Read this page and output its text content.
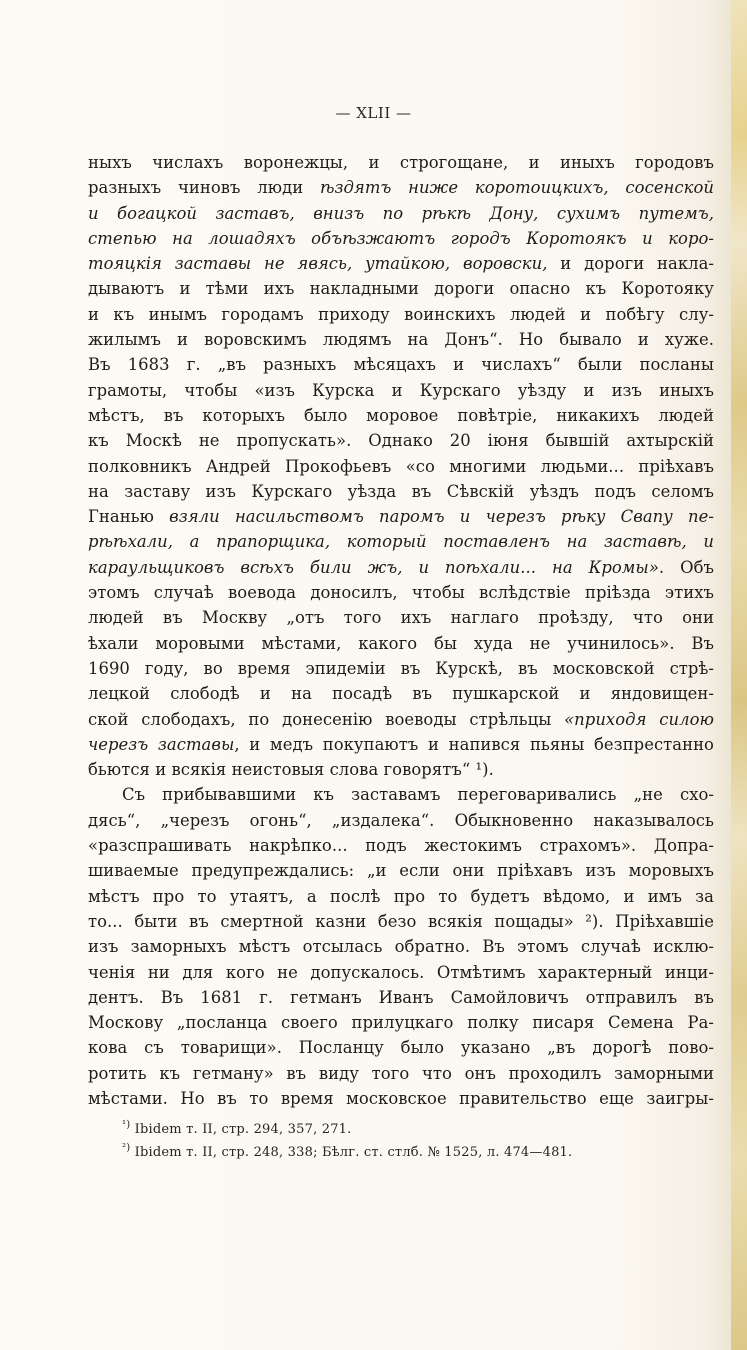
— XLII —
ныхъ числахъ воронежцы, и строгощане, и иныхъ городовъ
разныхъ чиновъ люди ѣздятъ ниже коротоицкихъ, сосенской
и богацкой заставъ, внизъ по рѣкѣ Дону, сухимъ путемъ,
степью на лошадяхъ объѣзжаютъ городъ Коротоякъ и коро-
тояцкія заставы не явясь, утайкою, воровски, и дороги накла-
дываютъ и тѣми ихъ накладными дороги опасно къ Коротояку
и къ инымъ городамъ приходу воинскихъ людей и побѣгу слу-
жилымъ и воровскимъ людямъ на Донъ“. Но бывало и хуже.
Въ 1683 г. „въ разныхъ мѣсяцахъ и числахъ“ были посланы
грамоты, чтобы «изъ Курска и Курскаго уѣзду и изъ иныхъ
мѣстъ, въ которыхъ было моровое повѣтріе, никакихъ людей
къ Москѣ не пропускать». Однако 20 іюня бывшій ахтырскій
полковникъ Андрей Прокофьевъ «со многими людьми... пріѣхавъ
на заставу изъ Курскаго уѣзда въ Сѣвскій уѣздъ подъ селомъ
Гнанью взяли насильствомъ паромъ и черезъ рѣку Свапу пе-
рѣѣхали, а прапорщика, который поставленъ на заставѣ, и
караульщиковъ всѣхъ били жъ, и поѣхали... на Кромы». Объ
этомъ случаѣ воевода доносилъ, чтобы вслѣдствіе пріѣзда этихъ
людей въ Москву „отъ того ихъ наглаго проѣзду, что они
ѣхали моровыми мѣстами, какого бы худа не учинилось». Въ
1690 году, во время эпидеміи въ Курскѣ, въ московской стрѣ-
лецкой слободѣ и на посадѣ въ пушкарской и яндовищен-
ской слободахъ, по донесенію воеводы стрѣльцы «приходя силою
черезъ заставы, и медъ покупаютъ и напився пьяны безпрестанно
бьются и всякія неистовыя слова говорятъ“ ¹).
Съ прибывавшими къ заставамъ переговаривались „не схо-
дясь“, „черезъ огонь“, „издалека“. Обыкновенно наказывалось
«разспрашивать накрѣпко... подъ жестокимъ страхомъ». Допра-
шиваемые предупреждались: „и если они пріѣхавъ изъ моровыхъ
мѣстъ про то утаятъ, а послѣ про то будетъ вѣдомо, и имъ за
то... быти въ смертной казни безо всякія пощады» ²). Пріѣхавшіе
изъ заморныхъ мѣстъ отсылась обратно. Въ этомъ случаѣ исклю-
ченія ни для кого не допускалось. Отмѣтимъ характерный инци-
дентъ. Въ 1681 г. гетманъ Иванъ Самойловичъ отправилъ въ
Москову „посланца своего прилуцкаго полку писаря Семена Ра-
кова съ товарищи». Посланцу было указано „въ дорогѣ пово-
ротить къ гетману» въ виду того что онъ проходилъ заморными
мѣстами. Но въ то время московское правительство еще заигры-
$^{^1)}$ Ibidem т. II, стр. 294, 357, 271.
$^{^2)}$ Ibidem т. II, стр. 248, 338; Бѣлг. ст. стлб. № 1525, л. 474—481.
